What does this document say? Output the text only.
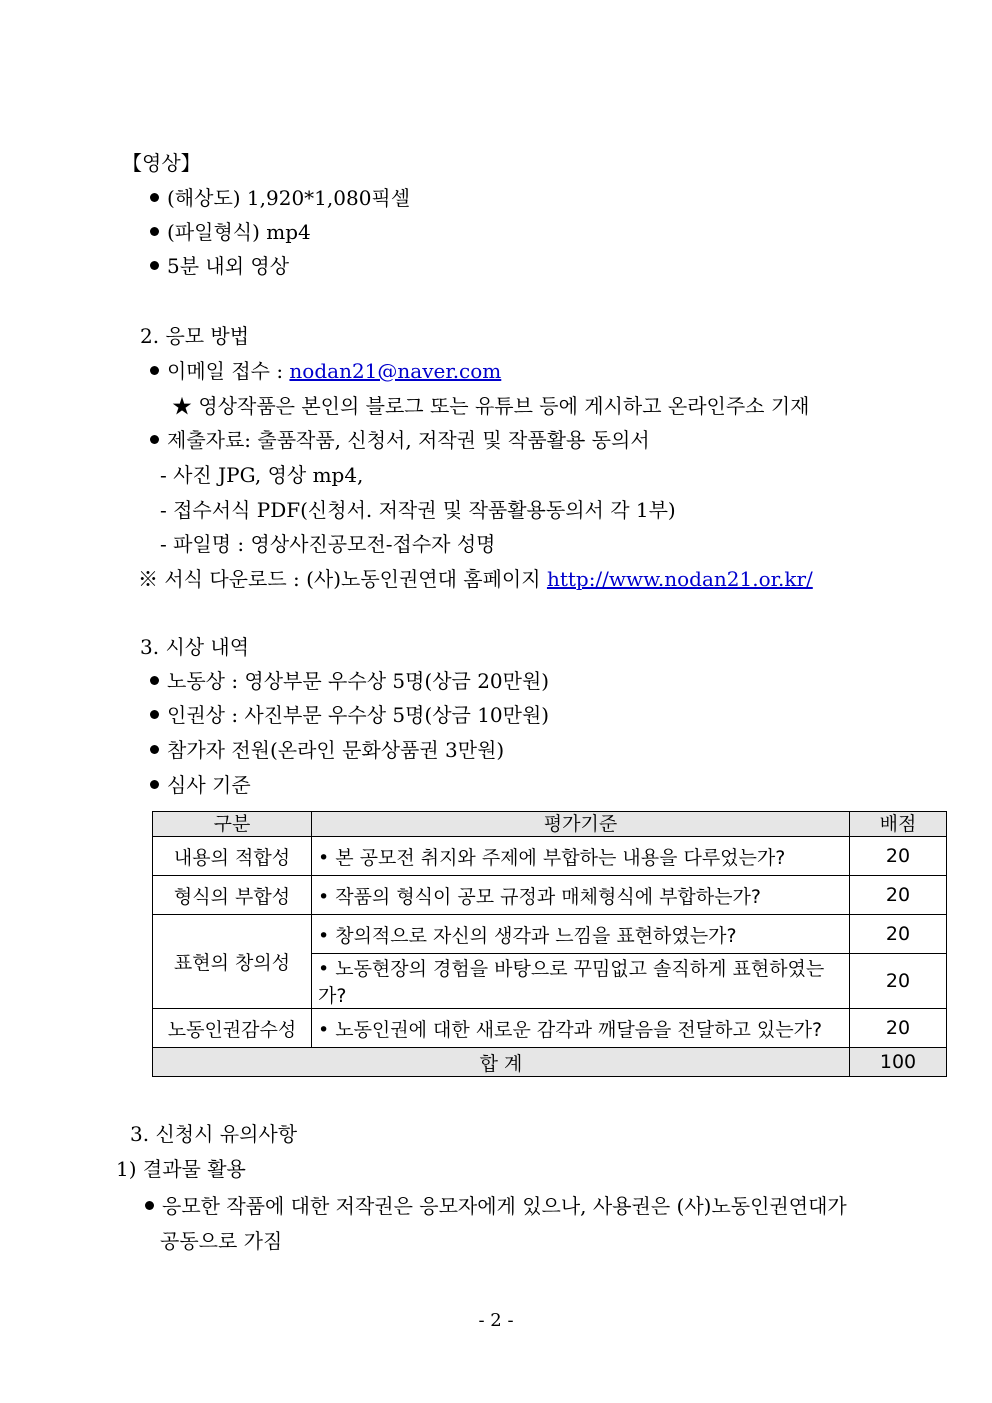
【영상】
(해상도) 1,920*1,080픽셀
(파일형식) mp4
5분 내외 영상
2. 응모 방법
이메일 접수 : nodan21@naver.com
★ 영상작품은 본인의 블로그 또는 유튜브 등에 게시하고 온라인주소 기재
제출자료: 출품작품, 신청서, 저작권 및 작품활용 동의서
- 사진 JPG, 영상 mp4,
- 접수서식 PDF(신청서. 저작권 및 작품활용동의서 각 1부)
- 파일명 : 영상사진공모전-접수자 성명
※ 서식 다운로드 : (사)노동인권연대 홈페이지 http://www.nodan21.or.kr/
3. 시상 내역
노동상 : 영상부문 우수상 5명(상금 20만원)
인권상 : 사진부문 우수상 5명(상금 10만원)
참가자 전원(온라인 문화상품권 3만원)
심사 기준
구분	평가기준	배점
내용의 적합성	• 본 공모전 취지와 주제에 부합하는 내용을 다루었는가?	20
형식의 부합성	• 작품의 형식이 공모 규정과 매체형식에 부합하는가?	20
표현의 창의성	• 창의적으로 자신의 생각과 느낌을 표현하였는가?	20
	• 노동현장의 경험을 바탕으로 꾸밈없고 솔직하게 표현하였는가?	20
노동인권감수성	• 노동인권에 대한 새로운 감각과 깨달음을 전달하고 있는가?	20
합 계		100
3. 신청시 유의사항
1) 결과물 활용
응모한 작품에 대한 저작권은 응모자에게 있으나, 사용권은 (사)노동인권연대가
공동으로 가짐
- 2 -
